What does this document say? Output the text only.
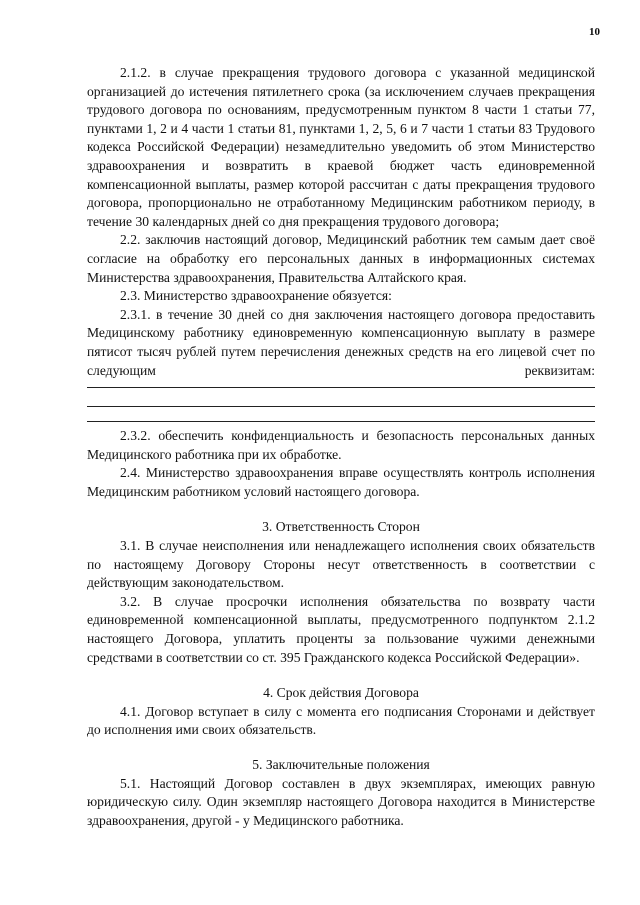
10

2.1.2. в случае прекращения трудового договора с указанной медицинской организацией до истечения пятилетнего срока (за исключением случаев прекращения трудового договора по основаниям, предусмотренным пунктом 8 части 1 статьи 77, пунктами 1, 2 и 4 части 1 статьи 81, пунктами 1, 2, 5, 6 и 7 части 1 статьи 83 Трудового кодекса Российской Федерации) незамедлительно уведомить об этом Министерство здравоохранения и возвратить в краевой бюджет часть единовременной компенсационной выплаты, размер которой рассчитан с даты прекращения трудового договора, пропорционально не отработанному Медицинским работником периоду, в течение 30 календарных дней со дня прекращения трудового договора;

2.2. заключив настоящий договор, Медицинский работник тем самым дает своё согласие на обработку его персональных данных в информационных системах Министерства здравоохранения, Правительства Алтайского края.

2.3. Министерство здравоохранение обязуется:

2.3.1. в течение 30 дней со дня заключения настоящего договора предоставить Медицинскому работнику единовременную компенсационную выплату в размере пятисот тысяч рублей путем перечисления денежных средств на его лицевой счет по следующим реквизитам:

2.3.2. обеспечить конфиденциальность и безопасность персональных данных Медицинского работника при их обработке.

2.4. Министерство здравоохранения вправе осуществлять контроль исполнения Медицинским работником условий настоящего договора.

3. Ответственность Сторон

3.1. В случае неисполнения или ненадлежащего исполнения своих обязательств по настоящему Договору Стороны несут ответственность в соответствии с действующим законодательством.

3.2. В случае просрочки исполнения обязательства по возврату части единовременной компенсационной выплаты, предусмотренного подпунктом 2.1.2 настоящего Договора, уплатить проценты за пользование чужими денежными средствами в соответствии со ст. 395 Гражданского кодекса Российской Федерации».

4. Срок действия Договора

4.1. Договор вступает в силу с момента его подписания Сторонами и действует до исполнения ими своих обязательств.

5. Заключительные положения

5.1. Настоящий Договор составлен в двух экземплярах, имеющих равную юридическую силу. Один экземпляр настоящего Договора находится в Министерстве здравоохранения, другой - у Медицинского работника.
